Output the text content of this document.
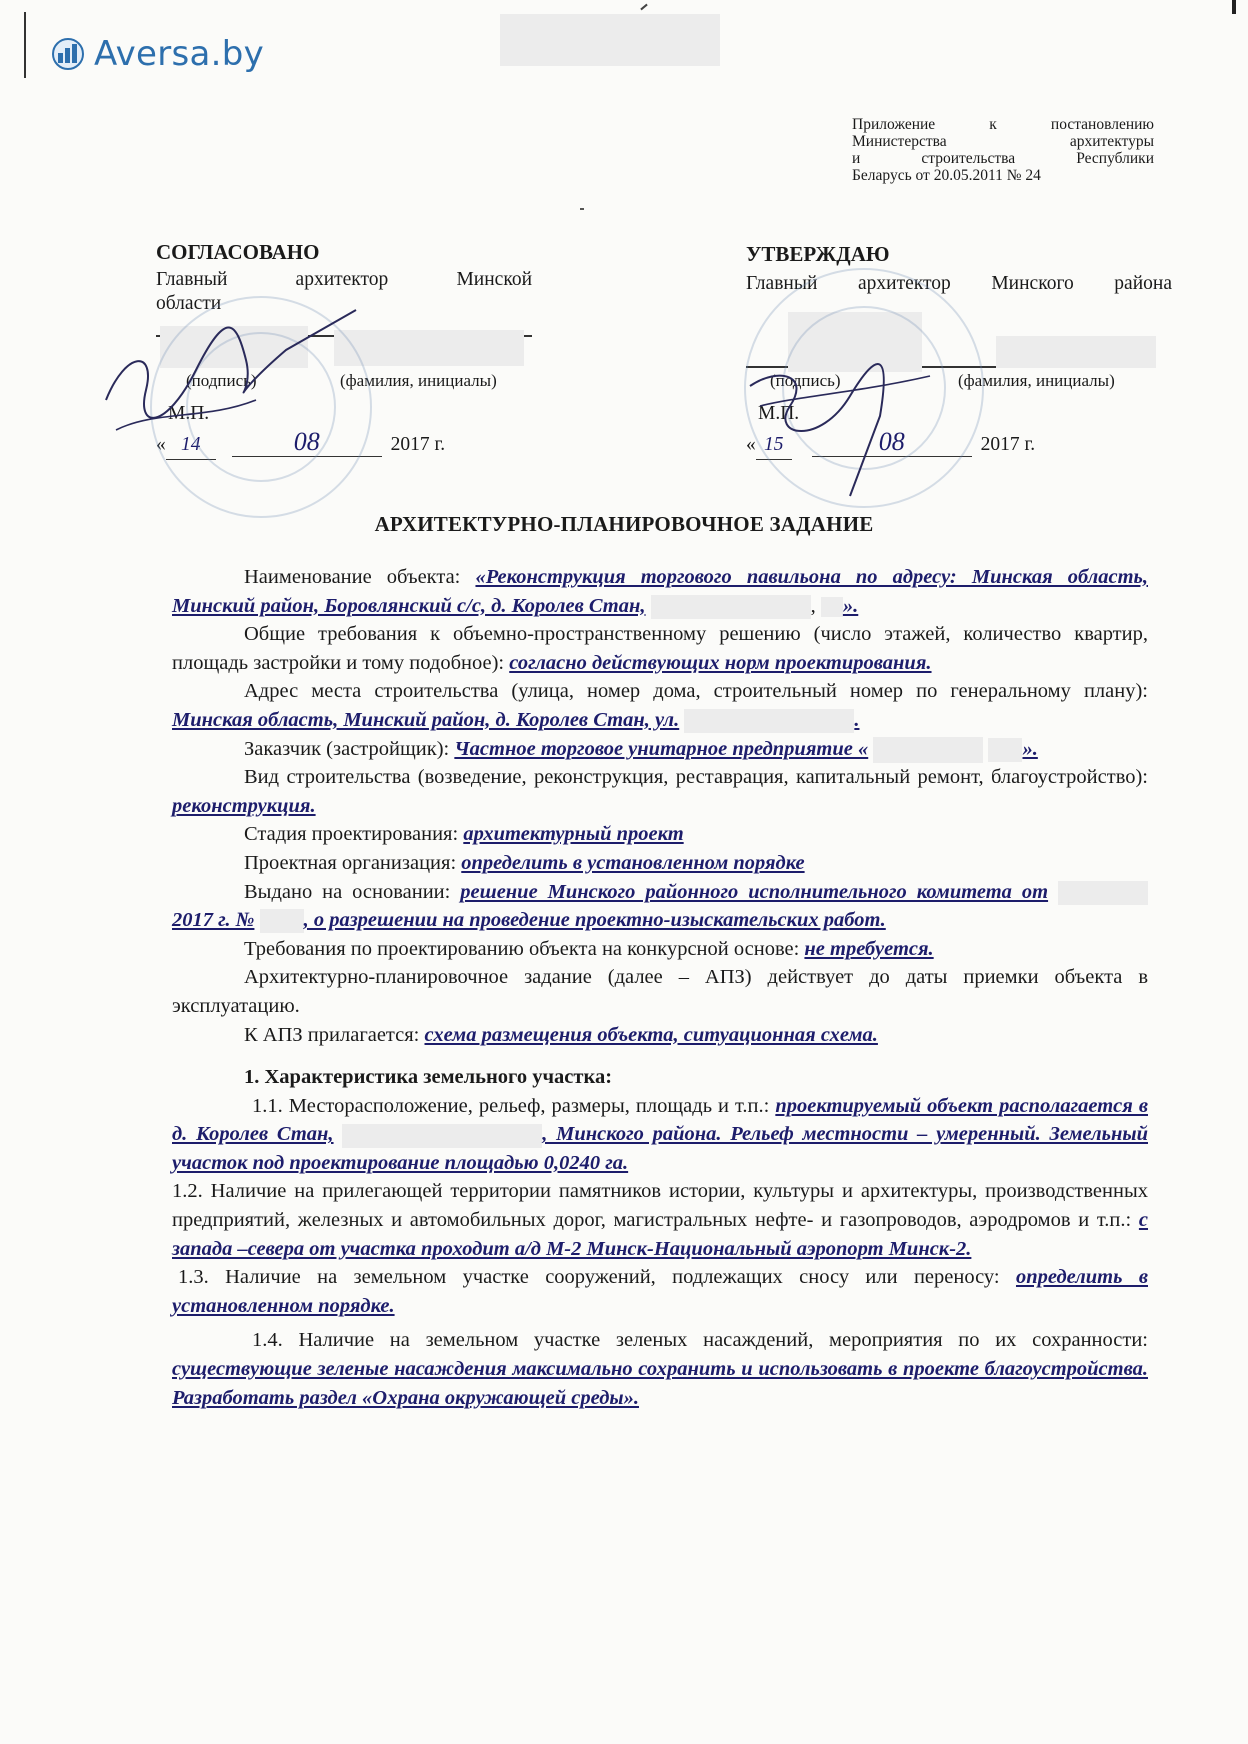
Aversa.by
Приложение к постановлению
Министерства архитектуры
и строительства Республики
Беларусь от 20.05.2011 № 24
СОГЛАСОВАНО
Главный архитектор Минской
области
(подпись)	(фамилия, инициалы)
М.П.
« 14	08	2017 г.
УТВЕРЖДАЮ
Главный архитектор Минского района
(подпись)	(фамилия, инициалы)
М.П.
« 15	08	2017 г.
АРХИТЕКТУРНО-ПЛАНИРОВОЧНОЕ ЗАДАНИЕ

Наименование объекта: «Реконструкция торгового павильона по адресу: Минская область, Минский район, Боровлянский с/с, д. Королев Стан,	, ».

Общие требования к объемно-пространственному решению (число этажей, количество квартир, площадь застройки и тому подобное): согласно действующих норм проектирования.

Адрес места строительства (улица, номер дома, строительный номер по генеральному плану): Минская область, Минский район, д. Королев Стан, ул.	.

Заказчик (застройщик): Частное торговое унитарное предприятие «	».

Вид строительства (возведение, реконструкция, реставрация, капитальный ремонт, благоустройство): реконструкция.

Стадия проектирования: архитектурный проект

Проектная организация: определить в установленном порядке

Выдано на основании: решение Минского районного исполнительного комитета от  2017 г. № , о разрешении на проведение проектно-изыскательских работ.

Требования по проектированию объекта на конкурсной основе: не требуется.

Архитектурно-планировочное задание (далее – АПЗ) действует до даты приемки объекта в эксплуатацию.

К АПЗ прилагается: схема размещения объекта, ситуационная схема.

1. Характеристика земельного участка:

1.1. Месторасположение, рельеф, размеры, площадь и т.п.: проектируемый объект располагается в д. Королев Стан,	, Минского района. Рельеф местности – умеренный. Земельный участок под проектирование площадью 0,0240 га.

1.2. Наличие на прилегающей территории памятников истории, культуры и архитектуры, производственных предприятий, железных и автомобильных дорог, магистральных нефте- и газопроводов, аэродромов и т.п.: с запада –севера от участка проходит а/д М-2 Минск-Национальный аэропорт Минск-2.

1.3. Наличие на земельном участке сооружений, подлежащих сносу или переносу: определить в установленном порядке.

1.4. Наличие на земельном участке зеленых насаждений, мероприятия по их сохранности: существующие зеленые насаждения максимально сохранить и использовать в проекте благоустройства. Разработать раздел «Охрана окружающей среды».
